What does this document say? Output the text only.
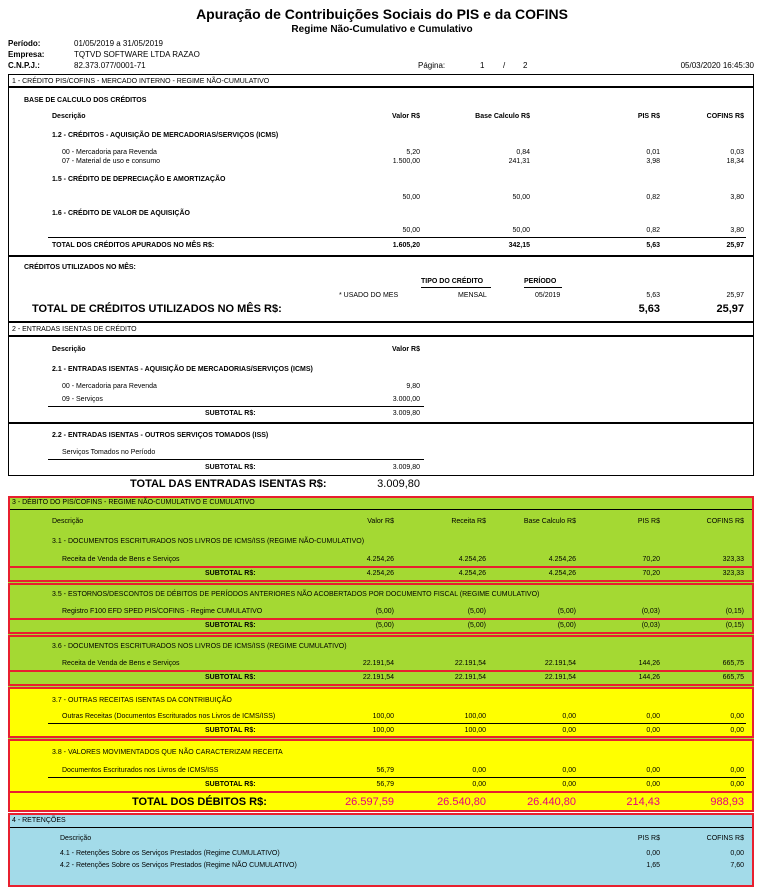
Apuração de Contribuições Sociais do PIS e da COFINS
Regime Não-Cumulativo e Cumulativo
Período:	01/05/2019 a 31/05/2019
Empresa:	TQTVD SOFTWARE LTDA RAZAO
C.N.P.J.:	82.373.077/0001-71	Página:	1 / 2	05/03/2020 16:45:30
1 - CRÉDITO PIS/COFINS - MERCADO INTERNO - REGIME NÃO-CUMULATIVO
BASE DE CALCULO DOS CRÉDITOS
Descrição	Valor R$	Base Calculo R$	PIS R$	COFINS R$
1.2 - CRÉDITOS - AQUISIÇÃO DE MERCADORIAS/SERVIÇOS (ICMS)
00 - Mercadoria para Revenda	5,20	0,84	0,01	0,03
07 - Material de uso e consumo	1.500,00	241,31	3,98	18,34
1.5 - CRÉDITO DE DEPRECIAÇÃO E AMORTIZAÇÃO
50,00	50,00	0,82	3,80
1.6 - CRÉDITO DE VALOR DE AQUISIÇÃO
50,00	50,00	0,82	3,80
TOTAL DOS CRÉDITOS APURADOS NO MÊS R$:	1.605,20	342,15	5,63	25,97
CRÉDITOS UTILIZADOS NO MÊS:
TIPO DO CRÉDITO	PERÍODO
* USADO DO MES	MENSAL	05/2019	5,63	25,97
TOTAL DE CRÉDITOS UTILIZADOS NO MÊS R$:	5,63	25,97
2 - ENTRADAS ISENTAS DE CRÉDITO
Descrição	Valor R$
2.1 - ENTRADAS ISENTAS - AQUISIÇÃO DE MERCADORIAS/SERVIÇOS (ICMS)
00 - Mercadoria para Revenda	9,80
09 - Serviços	3.000,00
SUBTOTAL R$:	3.009,80
2.2 - ENTRADAS ISENTAS - OUTROS SERVIÇOS TOMADOS (ISS)
Serviços Tomados no Período
SUBTOTAL R$:	3.009,80
TOTAL DAS ENTRADAS ISENTAS R$:	3.009,80
3 - DÉBITO DO PIS/COFINS - REGIME NÃO-CUMULATIVO E CUMULATIVO
Descrição	Valor R$	Receita R$	Base Calculo R$	PIS R$	COFINS R$
3.1 - DOCUMENTOS ESCRITURADOS NOS LIVROS DE ICMS/ISS (REGIME NÃO-CUMULATIVO)
Receita de Venda de Bens e Serviços	4.254,26	4.254,26	4.254,26	70,20	323,33
SUBTOTAL R$:	4.254,26	4.254,26	4.254,26	70,20	323,33
3.5 - ESTORNOS/DESCONTOS DE DÉBITOS DE PERÍODOS ANTERIORES NÃO ACOBERTADOS POR DOCUMENTO FISCAL (REGIME CUMULATIVO)
Registro F100 EFD SPED PIS/COFINS - Regime CUMULATIVO	(5,00)	(5,00)	(5,00)	(0,03)	(0,15)
SUBTOTAL R$:	(5,00)	(5,00)	(5,00)	(0,03)	(0,15)
3.6 - DOCUMENTOS ESCRITURADOS NOS LIVROS DE ICMS/ISS (REGIME CUMULATIVO)
Receita de Venda de Bens e Serviços	22.191,54	22.191,54	22.191,54	144,26	665,75
SUBTOTAL R$:	22.191,54	22.191,54	22.191,54	144,26	665,75
3.7 - OUTRAS RECEITAS ISENTAS DA CONTRIBUIÇÃO
Outras Receitas (Documentos Escriturados nos Livros de ICMS/ISS)	100,00	100,00	0,00	0,00	0,00
SUBTOTAL R$:	100,00	100,00	0,00	0,00	0,00
3.8 - VALORES MOVIMENTADOS QUE NÃO CARACTERIZAM RECEITA
Documentos Escriturados nos Livros de ICMS/ISS	56,79	0,00	0,00	0,00	0,00
SUBTOTAL R$:	56,79	0,00	0,00	0,00	0,00
TOTAL DOS DÉBITOS R$:	26.597,59	26.540,80	26.440,80	214,43	988,93
4 - RETENÇÕES
Descrição	PIS R$	COFINS R$
4.1 - Retenções Sobre os Serviços Prestados (Regime CUMULATIVO)	0,00	0,00
4.2 - Retenções Sobre os Serviços Prestados (Regime NÃO CUMULATIVO)	1,65	7,60
